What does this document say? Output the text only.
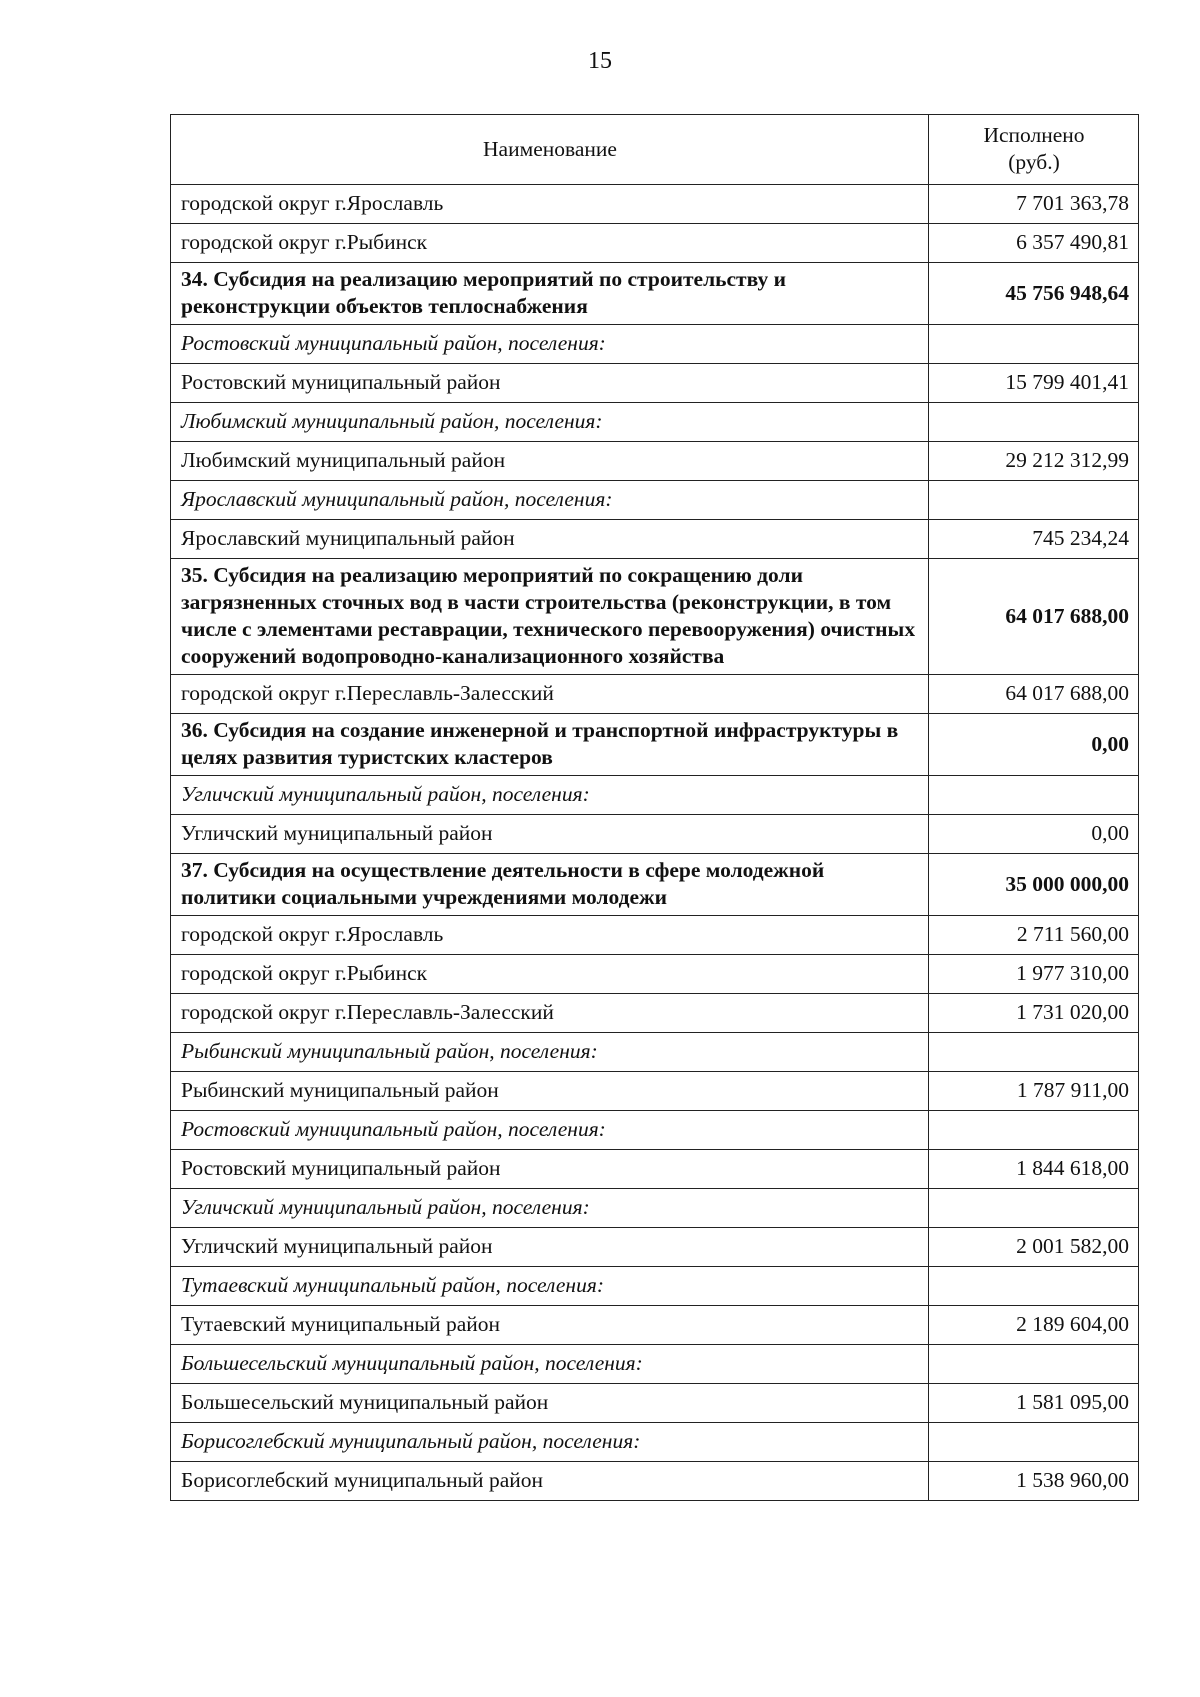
15
Наименование	Исполнено
(руб.)
городской округ г.Ярославль	7 701 363,78
городской округ г.Рыбинск	6 357 490,81
34. Субсидия на реализацию мероприятий по строительству и реконструкции объектов теплоснабжения	45 756 948,64
Ростовский муниципальный район, поселения:	
Ростовский муниципальный район	15 799 401,41
Любимский муниципальный район, поселения:	
Любимский муниципальный район	29 212 312,99
Ярославский муниципальный район, поселения:	
Ярославский муниципальный район	745 234,24
35. Субсидия на реализацию мероприятий по сокращению доли загрязненных сточных вод в части строительства (реконструкции, в том числе с элементами реставрации, технического перевооружения) очистных сооружений водопроводно-канализационного хозяйства	64 017 688,00
городской округ г.Переславль-Залесский	64 017 688,00
36. Субсидия на создание инженерной и транспортной инфраструктуры в целях развития туристских кластеров	0,00
Угличский муниципальный район, поселения:	
Угличский муниципальный район	0,00
37. Субсидия на осуществление деятельности в сфере молодежной политики социальными учреждениями молодежи	35 000 000,00
городской округ г.Ярославль	2 711 560,00
городской округ г.Рыбинск	1 977 310,00
городской округ г.Переславль-Залесский	1 731 020,00
Рыбинский муниципальный район, поселения:	
Рыбинский муниципальный район	1 787 911,00
Ростовский муниципальный район, поселения:	
Ростовский муниципальный район	1 844 618,00
Угличский муниципальный район, поселения:	
Угличский муниципальный район	2 001 582,00
Тутаевский муниципальный район, поселения:	
Тутаевский муниципальный район	2 189 604,00
Большесельский муниципальный район, поселения:	
Большесельский муниципальный район	1 581 095,00
Борисоглебский муниципальный район, поселения:	
Борисоглебский муниципальный район	1 538 960,00
